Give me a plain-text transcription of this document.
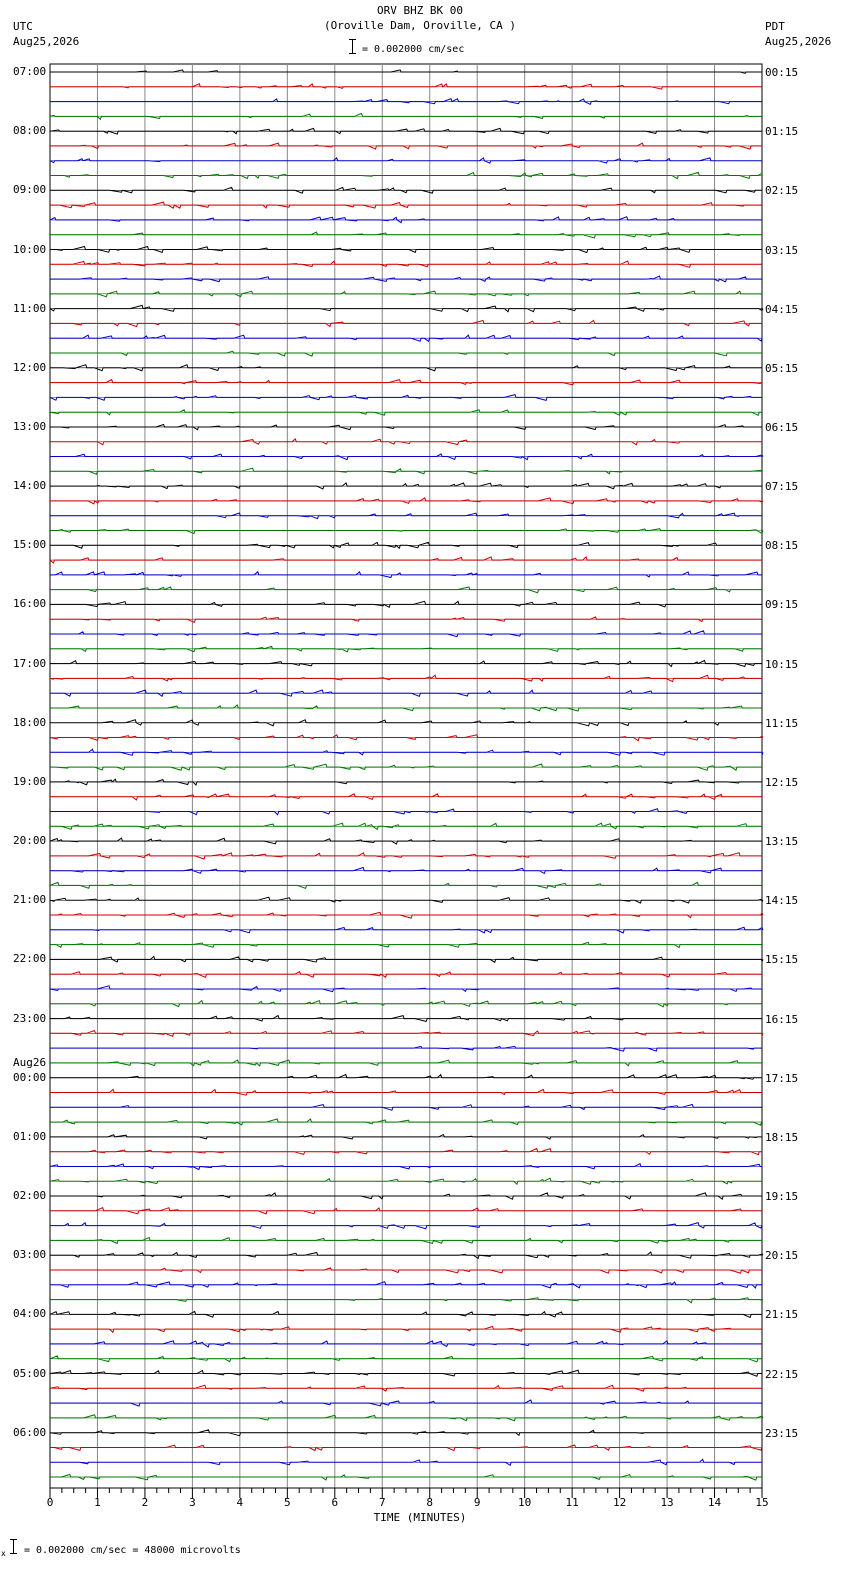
ORV BHZ BK 00
(Oroville Dam, Oroville, CA )
= 0.002000 cm/sec
UTC
Aug25,2026
PDT
Aug25,2026
0	1	2	3	4	5	6	7	8	9	10	11	12	13	14	15
07:00
08:00
09:00
10:00
11:00
12:00
13:00
14:00
15:00
16:00
17:00
18:00
19:00
20:00
21:00
22:00
23:00
00:00
Aug26
01:00
02:00
03:00
04:00
05:00
06:00
00:15
01:15
02:15
03:15
04:15
05:15
06:15
07:15
08:15
09:15
10:15
11:15
12:15
13:15
14:15
15:15
16:15
17:15
18:15
19:15
20:15
21:15
22:15
23:15
TIME (MINUTES)
x = 0.002000 cm/sec = 48000 microvolts
